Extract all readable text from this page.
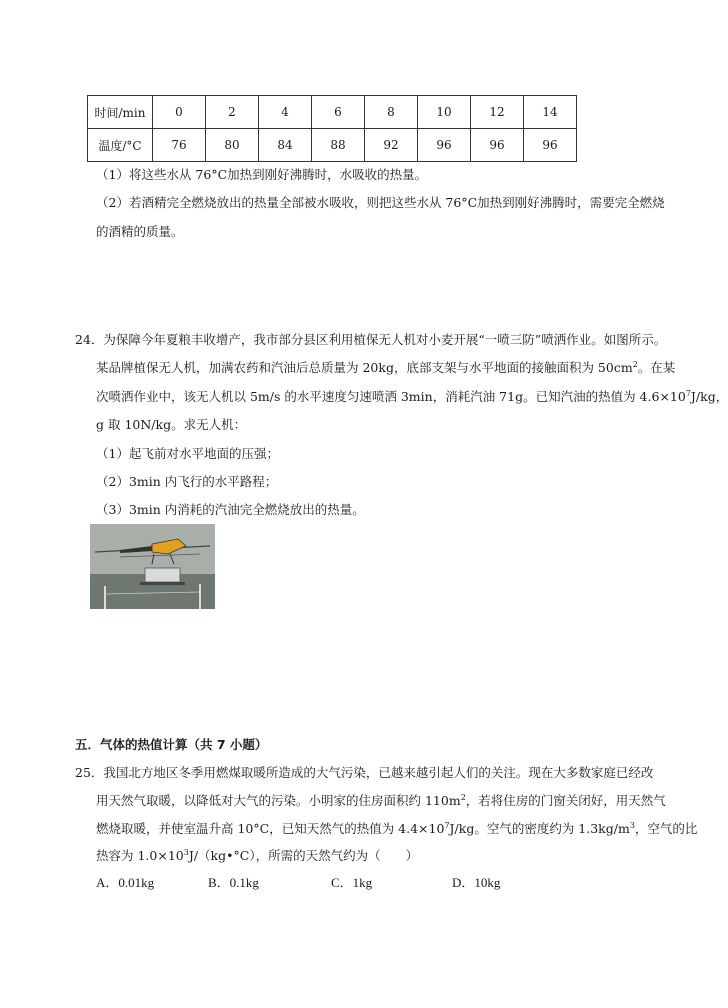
时间/min	0	2	4	6	8	10	12	14
温度/°C	76	80	84	88	92	96	96	96
（1）将这些水从 76°C加热到刚好沸腾时，水吸收的热量。
（2）若酒精完全燃烧放出的热量全部被水吸收，则把这些水从 76°C加热到刚好沸腾时，需要完全燃烧
的酒精的质量。
24．为保障今年夏粮丰收增产，我市部分县区利用植保无人机对小麦开展“一喷三防”喷洒作业。如图所示。
某品牌植保无人机，加满农药和汽油后总质量为 20kg，底部支架与水平地面的接触面积为 $50cm^2$。在某
次喷洒作业中，该无人机以 5m/s 的水平速度匀速喷洒 3min，消耗汽油 71g。已知汽油的热值为 $4.6\times 10^7J/kg$，
g 取 10N/kg。求无人机：
（1）起飞前对水平地面的压强；
（2）3min 内飞行的水平路程；
（3）3min 内消耗的汽油完全燃烧放出的热量。
五．气体的热值计算（共 7 小题）
25．我国北方地区冬季用燃煤取暖所造成的大气污染，已越来越引起人们的关注。现在大多数家庭已经改
用天然气取暖，以降低对大气的污染。小明家的住房面积约 $110m^2$，若将住房的门窗关闭好，用天然气
燃烧取暖，并使室温升高 10°C，已知天然气的热值为 $4.4\times 10^7J/kg$。空气的密度约为 $1.3kg/m^3$，空气的比
热容为 $1.0\times 10^3J/(kg•^\circ C)$，所需的天然气约为（　　）
A．0.01kg	B．0.1kg	C．1kg	D．10kg
